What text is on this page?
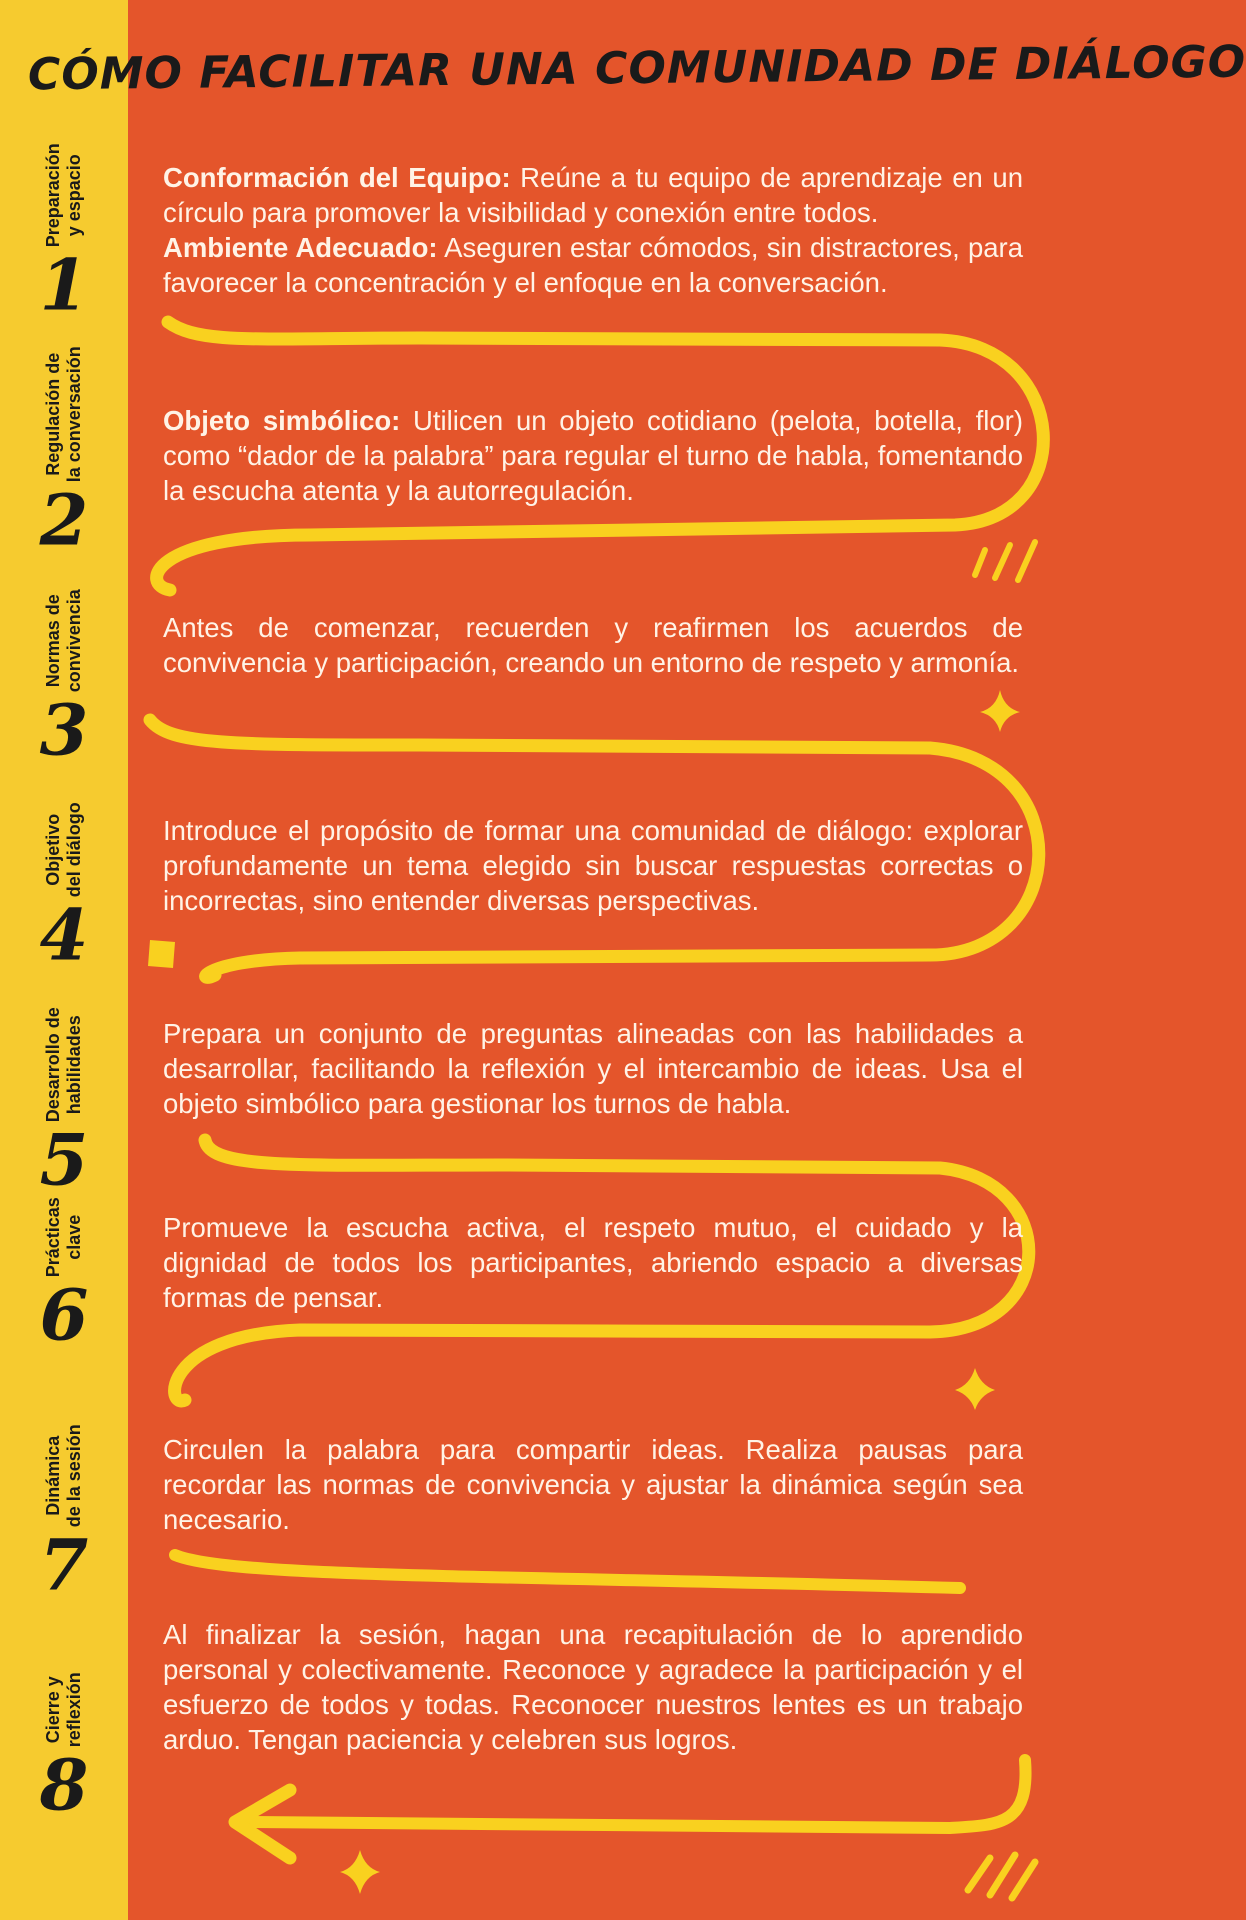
CÓMO FACILITAR UNA COMUNIDAD DE DIÁLOGO
1
Preparación y espacio	Conformación del Equipo: Reúne a tu equipo de aprendizaje en un círculo para promover la visibilidad y conexión entre todos.
Ambiente Adecuado: Aseguren estar cómodos, sin distractores, para favorecer la concentración y el enfoque en la conversación.
2
Regulación de la conversación	Objeto simbólico: Utilicen un objeto cotidiano (pelota, botella, flor) como “dador de la palabra” para regular el turno de habla, fomentando la escucha atenta y la autorregulación.
3
Normas de convivencia	Antes de comenzar, recuerden y reafirmen los acuerdos de convivencia y participación, creando un entorno de respeto y armonía.
4
Objetivo del diálogo	Introduce el propósito de formar una comunidad de diálogo: explorar profundamente un tema elegido sin buscar respuestas correctas o incorrectas, sino entender diversas perspectivas.
5
Desarrollo de habilidades	Prepara un conjunto de preguntas alineadas con las habilidades a desarrollar, facilitando la reflexión y el intercambio de ideas. Usa el objeto simbólico para gestionar los turnos de habla.
6
Prácticas clave	Promueve la escucha activa, el respeto mutuo, el cuidado y la dignidad de todos los participantes, abriendo espacio a diversas formas de pensar.
7
Dinámica de la sesión	Circulen la palabra para compartir ideas. Realiza pausas para recordar las normas de convivencia y ajustar la dinámica según sea necesario.
8
Cierre y reflexión
Al finalizar la sesión, hagan una recapitulación de lo aprendido personal y colectivamente. Reconoce y agradece la participación y el esfuerzo de todos y todas. Reconocer nuestros lentes es un trabajo arduo. Tengan paciencia y celebren sus logros.
